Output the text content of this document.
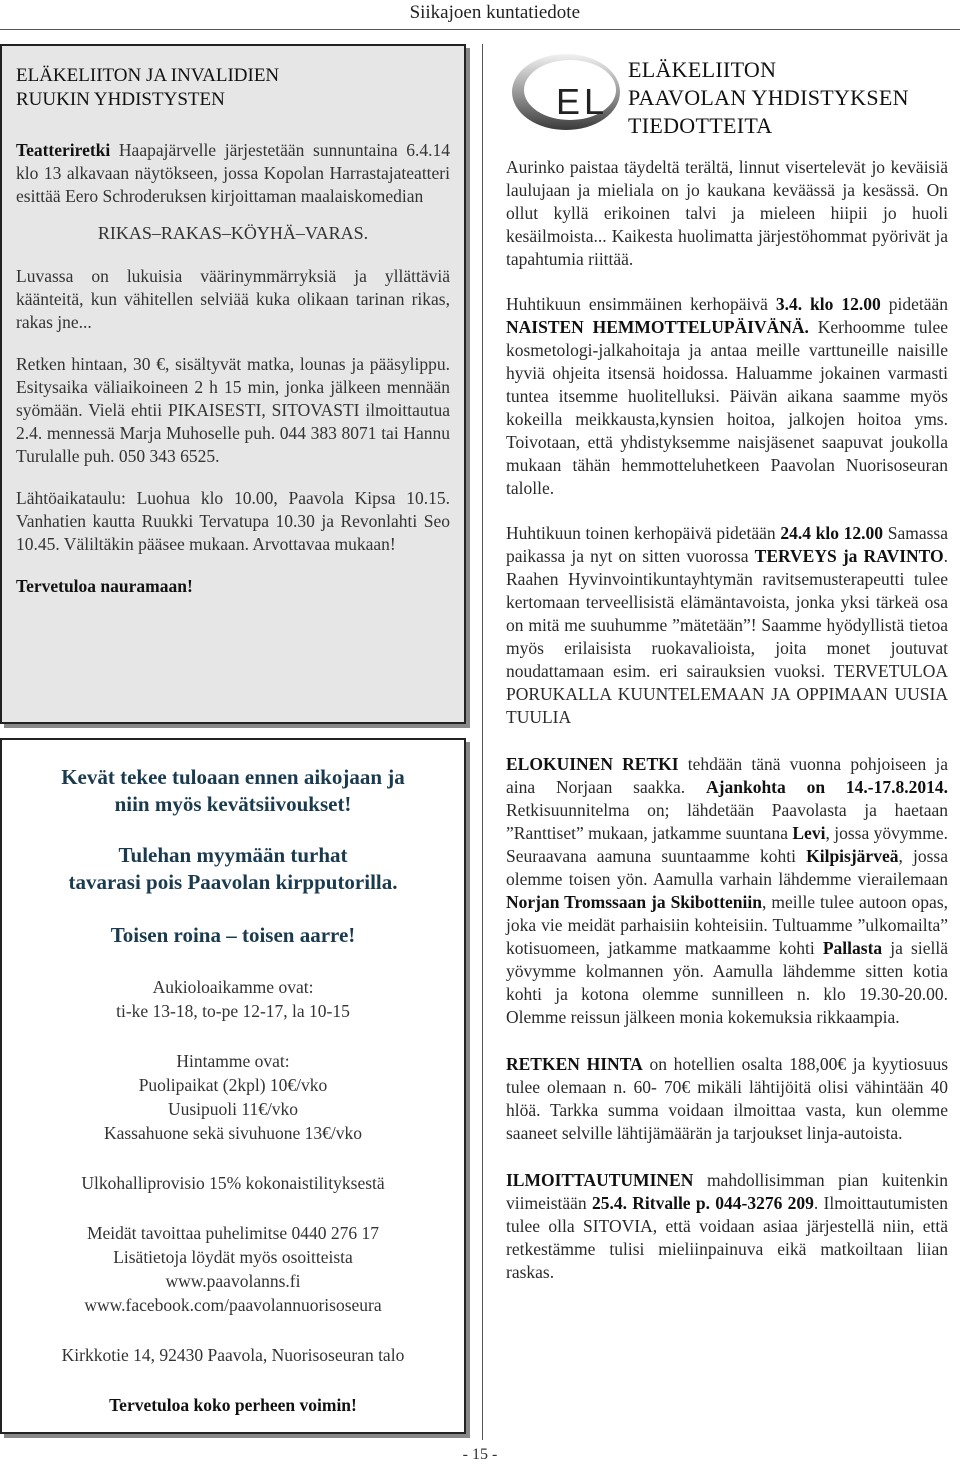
Siikajoen kuntatiedote
ELÄKELIITON JA INVALIDIEN
RUUKIN YHDISTYSTEN

Teatteriretki Haapajärvelle järjestetään sunnuntaina 6.4.14 klo 13 alkavaan näytökseen, jossa Kopolan Harrastajateatteri esittää Eero Schroderuksen kirjoittaman maalaiskomedian

RIKAS–RAKAS–KÖYHÄ–VARAS.

Luvassa on lukuisia väärinymmärryksiä ja yllättäviä käänteitä, kun vähitellen selviää kuka olikaan tarinan rikas, rakas jne...

Retken hintaan, 30 €, sisältyvät matka, lounas ja pääsylippu. Esitysaika väliaikoineen 2 h 15 min, jonka jälkeen mennään syömään. Vielä ehtii PIKAISESTI, SITOVASTI ilmoittautua 2.4. mennessä Marja Muhoselle puh. 044 383 8071 tai Hannu Turulalle puh. 050 343 6525.

Lähtöaikataulu: Luohua klo 10.00, Paavola Kipsa 10.15. Vanhatien kautta Ruukki Tervatupa 10.30 ja Revonlahti Seo 10.45. Väliltäkin pääsee mukaan. Arvottavaa mukaan!

Tervetuloa nauramaan!

Kevät tekee tuloaan ennen aikojaan ja
niin myös kevätsiivoukset!
Tulehan myymään turhat
tavarasi pois Paavolan kirpputorilla.
Toisen roina – toisen aarre!
Aukioloaikamme ovat:
ti-ke 13-18, to-pe 12-17, la 10-15
Hintamme ovat:
Puolipaikat (2kpl) 10€/vko
Uusipuoli 11€/vko
Kassahuone sekä sivuhuone 13€/vko
Ulkohalliprovisio 15% kokonaistilityksestä
Meidät tavoittaa puhelimitse 0440 276 17
Lisätietoja löydät myös osoitteista
www.paavolanns.fi
www.facebook.com/paavolannuorisoseura
Kirkkotie 14, 92430 Paavola, Nuorisoseuran talo
Tervetuloa koko perheen voimin!
EL
ELÄKELIITON
PAAVOLAN YHDISTYKSEN
TIEDOTTEITA

Aurinko paistaa täydeltä terältä, linnut visertelevät jo keväisiä laulujaan ja mieliala on jo kaukana keväässä ja kesässä. On ollut kyllä erikoinen talvi ja mieleen hiipii jo huoli kesäilmoista... Kaikesta huolimatta järjestöhommat pyörivät ja tapahtumia riittää.

Huhtikuun ensimmäinen kerhopäivä 3.4. klo 12.00 pidetään NAISTEN HEMMOTTELUPÄIVÄNÄ. Kerhoomme tulee kosmetologi-jalkahoitaja ja antaa meille varttuneille naisille hyviä ohjeita itsensä hoidossa. Haluamme jokainen varmasti tuntea itsemme huolitelluksi. Päivän aikana saamme myös kokeilla meikkausta,kynsien hoitoa, jalkojen hoitoa yms. Toivotaan, että yhdistyksemme naisjäsenet saapuvat joukolla mukaan tähän hemmotteluhetkeen Paavolan Nuorisoseuran talolle.

Huhtikuun toinen kerhopäivä pidetään 24.4 klo 12.00 Samassa paikassa ja nyt on sitten vuorossa TERVEYS ja RAVINTO. Raahen Hyvinvointikuntayhtymän ravitsemusterapeutti tulee kertomaan terveellisistä elämäntavoista, jonka yksi tärkeä osa on mitä me suuhumme ”mätetään”! Saamme hyödyllistä tietoa myös erilaisista ruokavalioista, joita monet joutuvat noudattamaan esim. eri sairauksien vuoksi. TERVETULOA PORUKALLA KUUNTELEMAAN JA OPPIMAAN UUSIA TUULIA

ELOKUINEN RETKI tehdään tänä vuonna pohjoiseen ja aina Norjaan saakka. Ajankohta on 14.-17.8.2014. Retkisuunnitelma on; lähdetään Paavolasta ja haetaan ”Ranttiset” mukaan, jatkamme suuntana Levi, jossa yövymme. Seuraavana aamuna suuntaamme kohti Kilpisjärveä, jossa olemme toisen yön. Aamulla varhain lähdemme vierailemaan Norjan Tromssaan ja Skibotteniin, meille tulee autoon opas, joka vie meidät parhaisiin kohteisiin. Tultuamme ”ulkomailta” kotisuomeen, jatkamme matkaamme kohti Pallasta ja siellä yövymme kolmannen yön. Aamulla lähdemme sitten kotia kohti ja kotona olemme sunnilleen n. klo 19.30-20.00. Olemme reissun jälkeen monia kokemuksia rikkaampia.

RETKEN HINTA on hotellien osalta 188,00€ ja kyytiosuus tulee olemaan n. 60- 70€ mikäli lähtijöitä olisi vähintään 40 hlöä. Tarkka summa voidaan ilmoittaa vasta, kun olemme saaneet selville lähtijämäärän ja tarjoukset linja-autoista.

ILMOITTAUTUMINEN mahdollisimman pian kuitenkin viimeistään 25.4. Ritvalle p. 044-3276 209. Ilmoittautumisten tulee olla SITOVIA, että voidaan asiaa järjestellä niin, että retkestämme tulisi mieliinpainuva eikä matkoiltaan liian raskas.

- 15 -
